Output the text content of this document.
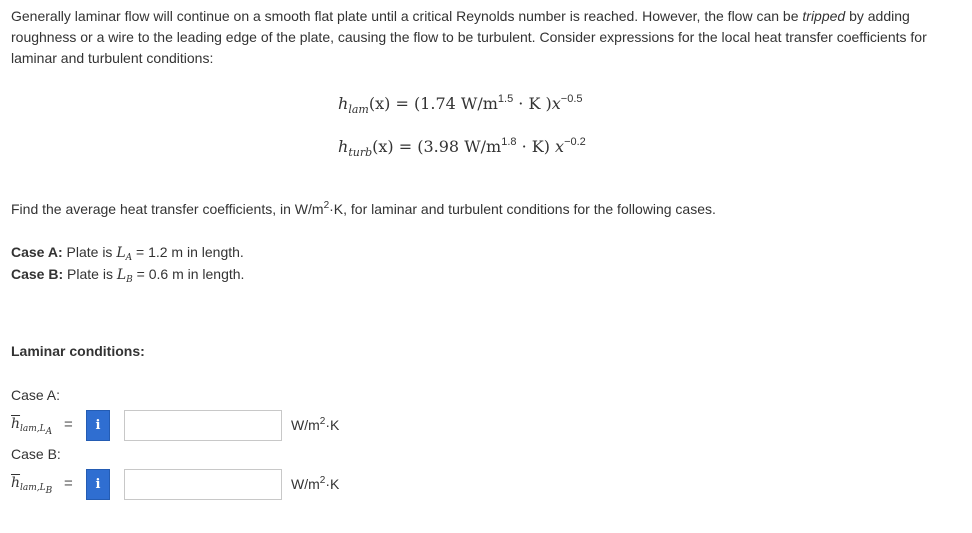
Generally laminar flow will continue on a smooth flat plate until a critical Reynolds number is reached. However, the flow can be tripped by adding roughness or a wire to the leading edge of the plate, causing the flow to be turbulent. Consider expressions for the local heat transfer coefficients for laminar and turbulent conditions:
$h_{lam}(x) = (1.74$ $W/m^{1.5} \cdot K$ )$x^{-0.5}$
$h_{turb}(x) = (3.98$ $W/m^{1.8} \cdot K$) $x^{-0.2}$
Find the average heat transfer coefficients, in $W/m^2\cdot K$, for laminar and turbulent conditions for the following cases.
Case A: Plate is $L_A = 1.2$ m in length.
Case B: Plate is $L_B = 0.6$ m in length.
Laminar conditions:
Case A:
$\overline{h}_{lam,L_A}$ =	i	$W/m^2\cdot K$
Case B:
$\overline{h}_{lam,L_B}$ =	i	$W/m^2\cdot K$
